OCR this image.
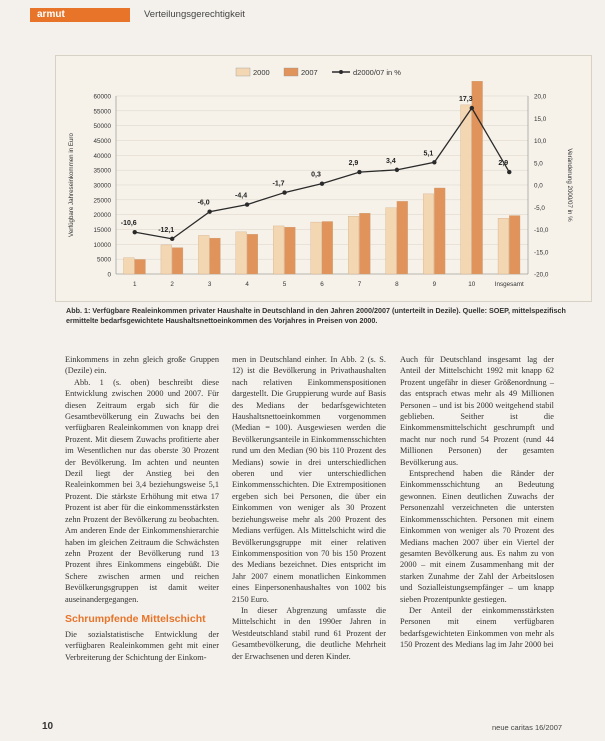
armut	Verteilungsgerechtigkeit
2000	2007	d2000/07 in %
0
5000
10000
15000
20000
25000
30000
35000
40000
45000
50000
55000
60000
-20,0
-15,0
-10,0
-5,0
0,0
5,0
10,0
15,0
20,0
Verfügbare Jahreseinkommen in Euro	Veränderung 2000/07 in %
1	2	3	4	5	6	7	8	9	10	Insgesamt
-10,6
-12,1
-6,0
-4,4
-1,7
0,3
2,9	3,4
5,1
17,3
2,9
Abb. 1: Verfügbare Realeinkommen privater Haushalte in Deutschland in den Jahren 2000/2007 (unterteilt in Dezile). Quelle: SOEP, mittelspezifisch ermittelte bedarfsgewichtete Haushaltsnettoeinkommen des Vorjahres in Preisen von 2000.

Einkommens in zehn gleich große Gruppen (Dezile) ein.

Abb. 1 (s. oben) beschreibt diese Entwicklung zwischen 2000 und 2007. Für diesen Zeitraum ergab sich für die Gesamtbevölkerung ein Zuwachs bei den verfügbaren Realeinkommen von knapp drei Prozent. Mit diesem Zuwachs profitierte aber im Wesentlichen nur das oberste 30 Prozent der Bevölkerung. Im achten und neunten Dezil liegt der Anstieg bei den Realeinkommen bei 3,4 beziehungsweise 5,1 Prozent. Die stärkste Erhöhung mit etwa 17 Prozent ist aber für die einkommensstärksten zehn Prozent der Bevölkerung zu beobachten. Am anderen Ende der Einkommenshierarchie haben im gleichen Zeitraum die Schwächsten zehn Prozent der Bevölkerung rund 13 Prozent ihres Einkommens eingebüßt. Die Schere zwischen armen und reichen Bevölkerungsgruppen ist damit weiter auseinandergegangen.

Schrumpfende Mittelschicht

Die sozialstatistische Entwicklung der verfügbaren Realeinkommen geht mit einer Verbreiterung der Schichtung der Einkom-

men in Deutschland einher. In Abb. 2 (s. S. 12) ist die Bevölkerung in Privathaushalten nach relativen Einkommenspositionen dargestellt. Die Gruppierung wurde auf Basis des Medians der bedarfsgewichteten Haushaltsnettoeinkommen vorgenommen (Median = 100). Ausgewiesen werden die Bevölkerungsanteile in Einkommensschichten rund um den Median (90 bis 110 Prozent des Medians) sowie in drei unterschiedlichen oberen und vier unterschiedlichen Einkommensschichten. Die Extrempositionen ergeben sich bei Personen, die über ein Einkommen von weniger als 30 Prozent beziehungsweise mehr als 200 Prozent des Medians verfügen. Als Mittelschicht wird die Bevölkerungsgruppe mit einer relativen Einkommensposition von 70 bis 150 Prozent des Medians bezeichnet. Dies entspricht im Jahr 2007 einem monatlichen Einkommen eines Einpersonenhaushaltes von 1002 bis 2150 Euro.

In dieser Abgrenzung umfasste die Mittelschicht in den 1990er Jahren in Westdeutschland stabil rund 61 Prozent der Gesamtbevölkerung, die deutliche Mehrheit der Erwachsenen und deren Kinder.

Auch für Deutschland insgesamt lag der Anteil der Mittelschicht 1992 mit knapp 62 Prozent ungefähr in dieser Größenordnung – das entsprach etwas mehr als 49 Millionen Personen – und ist bis 2000 weitgehend stabil geblieben. Seither ist die Einkommensmittelschicht geschrumpft und macht nur noch rund 54 Prozent (rund 44 Millionen Personen) der gesamten Bevölkerung aus.

Entsprechend haben die Ränder der Einkommensschichtung an Bedeutung gewonnen. Einen deutlichen Zuwachs der Personenzahl verzeichneten die untersten Einkommensschichten. Personen mit einem Einkommen von weniger als 70 Prozent des Medians machen 2007 über ein Viertel der gesamten Bevölkerung aus. Es nahm zu von 2000 – mit einem Zusammenhang mit der starken Zunahme der Zahl der Arbeitslosen und Sozialleistungsempfänger – um knapp sieben Prozentpunkte gestiegen.

Der Anteil der einkommensstärksten Personen mit einem verfügbaren bedarfsgewichteten Einkommen von mehr als 150 Prozent des Medians lag im Jahr 2000 bei

10	neue caritas 16/2007
